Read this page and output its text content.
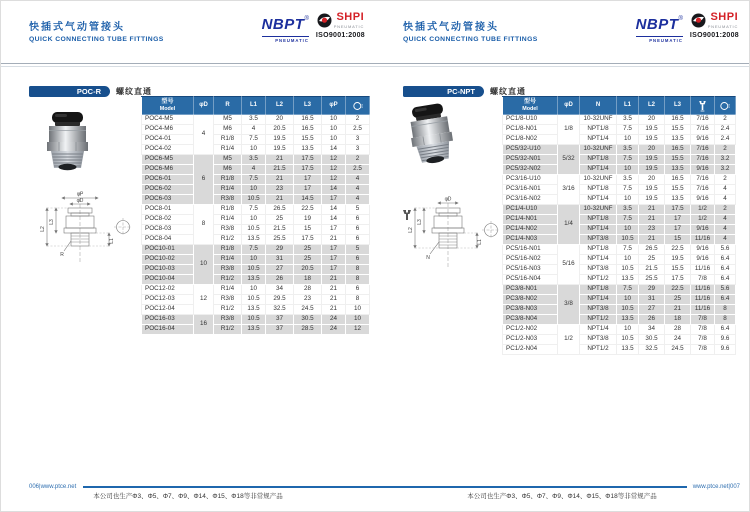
快插式气动管接头
QUICK CONNECTING TUBE FITTINGS
NBPT®
PNEUMATIC
SHPI
PNEUMATIC
ISO9001:2008
POC-R	螺纹直通
φP
φD
L2
L3
L1
R
型号
Model	φD	R	L1	L2	L3	φP	
POC4-M5	4	M5	3.5	20	16.5	10	2
POC4-M6		M6	4	20.5	16.5	10	2.5
POC4-01		R1/8	7.5	19.5	15.5	10	3
POC4-02		R1/4	10	19.5	13.5	14	3
POC6-M5	6	M5	3.5	21	17.5	12	2
POC6-M6		M6	4	21.5	17.5	12	2.5
POC6-01		R1/8	7.5	21	17	12	4
POC6-02		R1/4	10	23	17	14	4
POC6-03		R3/8	10.5	21	14.5	17	4
POC8-01	8	R1/8	7.5	26.5	22.5	14	5
POC8-02		R1/4	10	25	19	14	6
POC8-03		R3/8	10.5	21.5	15	17	6
POC8-04		R1/2	13.5	25.5	17.5	21	6
POC10-01	10	R1/8	7.5	29	25	17	5
POC10-02		R1/4	10	31	25	17	6
POC10-03		R3/8	10.5	27	20.5	17	8
POC10-04		R1/2	13.5	26	18	21	8
POC12-02	12	R1/4	10	34	28	21	6
POC12-03		R3/8	10.5	29.5	23	21	8
POC12-04		R1/2	13.5	32.5	24.5	21	10
POC16-03	16	R3/8	10.5	37	30.5	24	10
POC16-04		R1/2	13.5	37	28.5	24	12
006|www.ptce.net
本公司也生产Φ3、Φ5、Φ7、Φ9、Φ14、Φ15、Φ18等非常规产品
快插式气动管接头
QUICK CONNECTING TUBE FITTINGS
NBPT®
PNEUMATIC
SHPI
PNEUMATIC
ISO9001:2008
PC-NPT	螺纹直通
φD
L2
L3
L1
N
型号
Model	φD	N	L1	L2	L3		
PC1/8-U10	1/8	10-32UNF	3.5	20	16.5	7/16	2
PC1/8-N01		NPT1/8	7.5	19.5	15.5	7/16	2.4
PC1/8-N02		NPT1/4	10	19.5	13.5	9/16	2.4
PC5/32-U10	5/32	10-32UNF	3.5	20	16.5	7/16	2
PC5/32-N01		NPT1/8	7.5	19.5	15.5	7/16	3.2
PC5/32-N02		NPT1/4	10	19.5	13.5	9/16	3.2
PC3/16-U10	3/16	10-32UNF	3.5	20	16.5	7/16	2
PC3/16-N01		NPT1/8	7.5	19.5	15.5	7/16	4
PC3/16-N02		NPT1/4	10	19.5	13.5	9/16	4
PC1/4-U10	1/4	10-32UNF	3.5	21	17.5	1/2	2
PC1/4-N01		NPT1/8	7.5	21	17	1/2	4
PC1/4-N02		NPT1/4	10	23	17	9/16	4
PC1/4-N03		NPT3/8	10.5	21	15	11/16	4
PC5/16-N01	5/16	NPT1/8	7.5	26.5	22.5	9/16	5.6
PC5/16-N02		NPT1/4	10	25	19.5	9/16	6.4
PC5/16-N03		NPT3/8	10.5	21.5	15.5	11/16	6.4
PC5/16-N04		NPT1/2	13.5	25.5	17.5	7/8	6.4
PC3/8-N01	3/8	NPT1/8	7.5	29	22.5	11/16	5.6
PC3/8-N02		NPT1/4	10	31	25	11/16	6.4
PC3/8-N03		NPT3/8	10.5	27	21	11/16	8
PC3/8-N04		NPT1/2	13.5	26	18	7/8	8
PC1/2-N02	1/2	NPT1/4	10	34	28	7/8	6.4
PC1/2-N03		NPT3/8	10.5	30.5	24	7/8	9.6
PC1/2-N04		NPT1/2	13.5	32.5	24.5	7/8	9.6
www.ptce.net|007
本公司也生产Φ3、Φ5、Φ7、Φ9、Φ14、Φ15、Φ18等非常规产品
